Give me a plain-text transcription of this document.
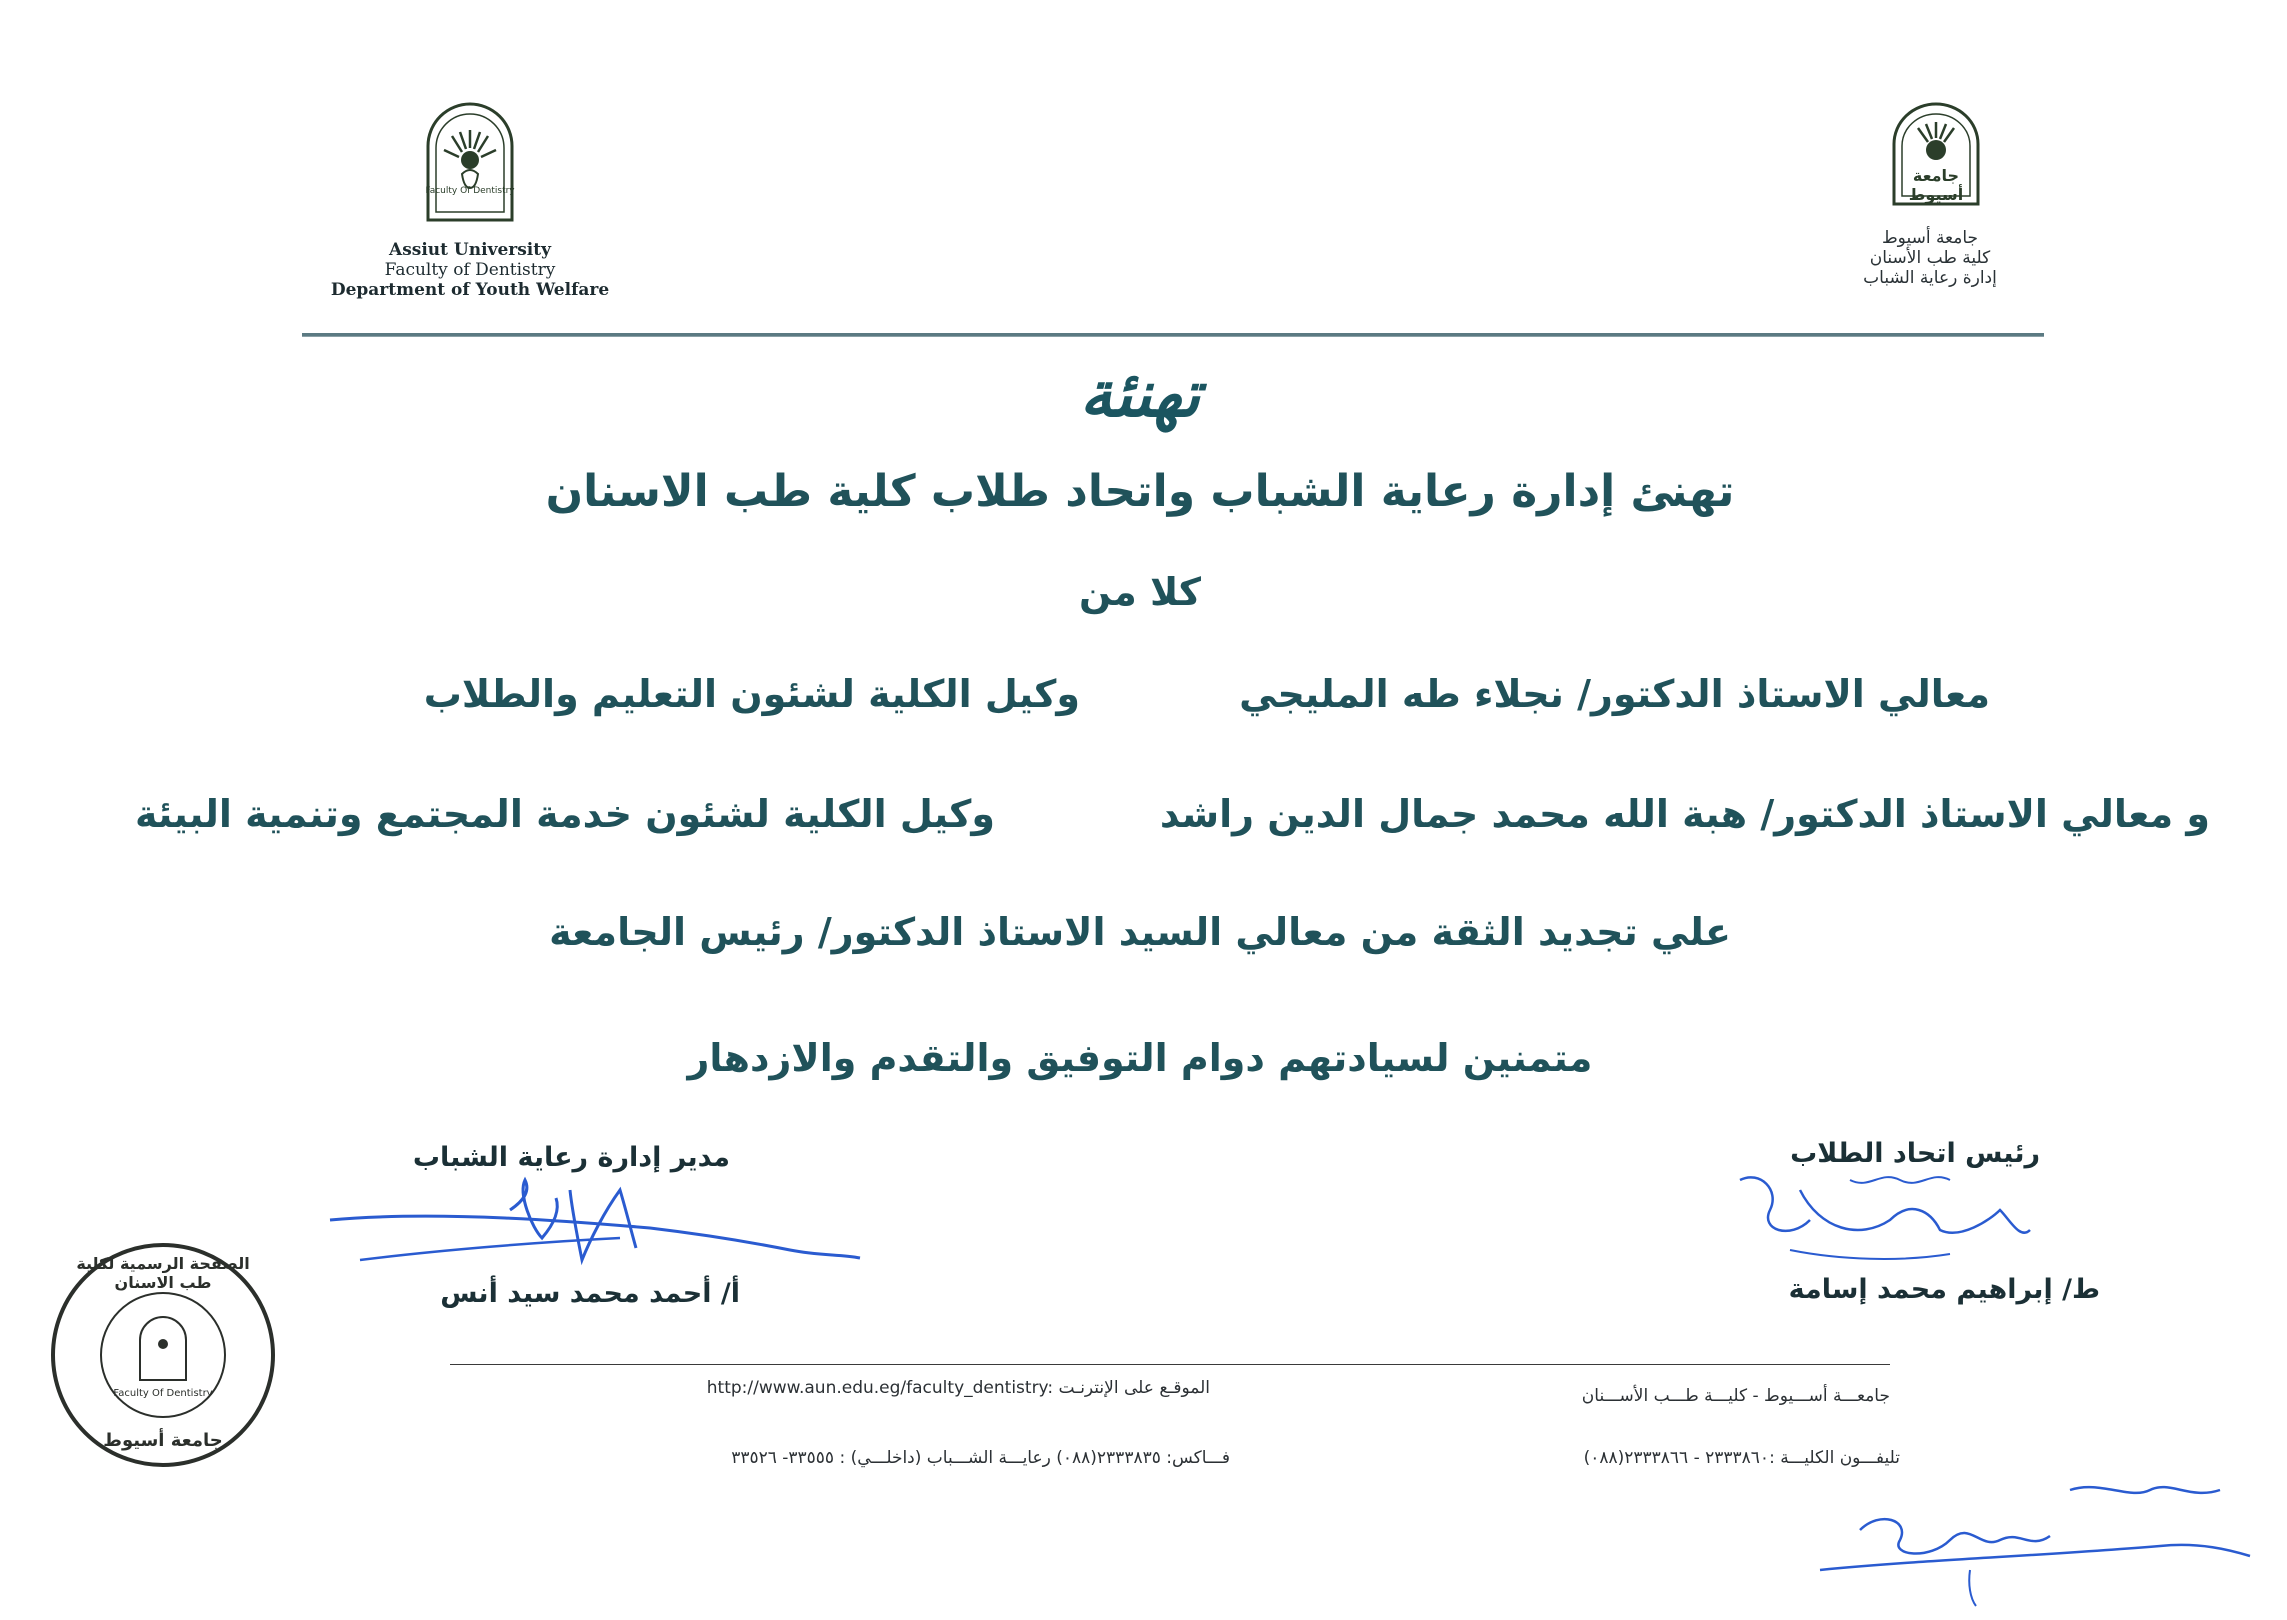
Faculty Of Dentistry
Assiut University
Faculty of Dentistry
Department of Youth Welfare
جامعة أسيوط
جامعة أسيوط
كلية طب الأسنان
إدارة رعاية الشباب
تهنئة
تهنئ إدارة رعاية الشباب واتحاد طلاب كلية طب الاسنان
كلا من
معالي الاستاذ الدكتور/ نجلاء طه المليجي
وكيل الكلية لشئون التعليم والطلاب
و معالي الاستاذ الدكتور/ هبة الله محمد جمال الدين راشد
وكيل الكلية لشئون خدمة المجتمع وتنمية البيئة
علي تجديد الثقة من معالي السيد الاستاذ الدكتور/ رئيس الجامعة
متمنين لسيادتهم دوام التوفيق والتقدم والازدهار
مدير إدارة رعاية الشباب
أ/ أحمد محمد سيد أنس
رئيس اتحاد الطلاب
ط/ إبراهيم محمد إسامة
الصفحة الرسمية لكلية طب الاسنان
Faculty Of Dentistry
جامعة أسيوط
http://www.aun.edu.eg/faculty_dentistry: الموقـع على الإنترنـت	جامعـــة أســـيوط - كليـــة طـــب الأســـنان
فـــاكس: ٢٣٣٣٨٣٥(٠٨٨) رعايـــة الشـــباب (داخلـــي) : ٣٣٥٥٥- ٣٣٥٢٦	تليفـــون الكليـــة :٢٣٣٣٨٦٠ - ٢٣٣٣٨٦٦(٠٨٨)
